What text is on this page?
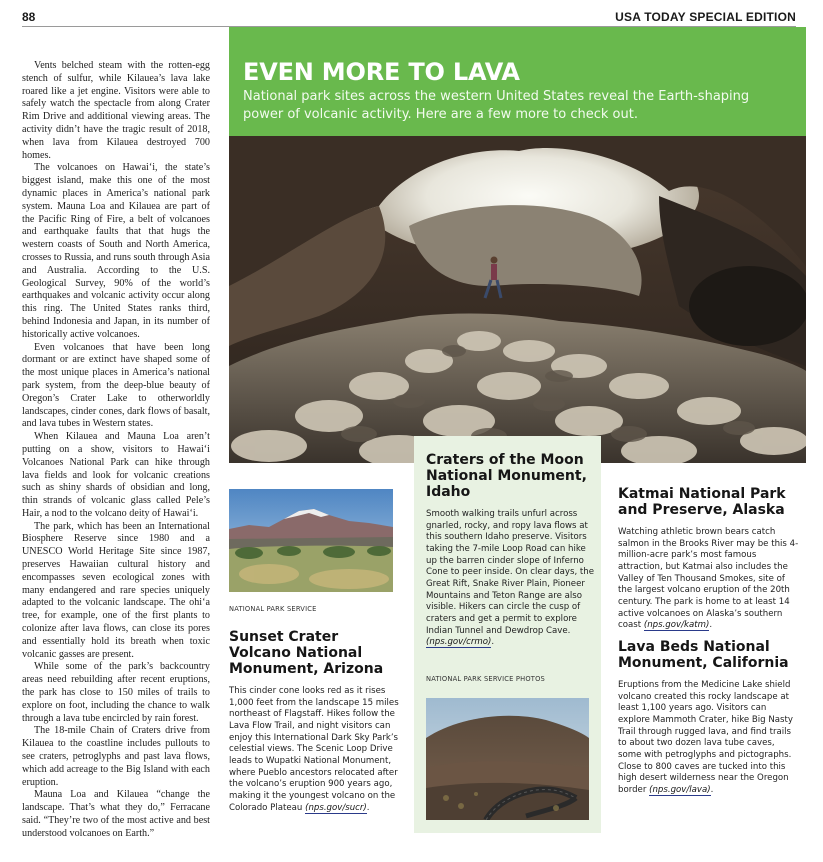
88	USA TODAY SPECIAL EDITION

Vents belched steam with the rotten-egg stench of sulfur, while Kilauea’s lava lake roared like a jet engine. Visitors were able to safely watch the spectacle from along Crater Rim Drive and additional viewing areas. The activity didn’t have the tragic result of 2018, when lava from Kilauea destroyed 700 homes.

The volcanoes on Hawai‘i, the state’s biggest island, make this one of the most dynamic places in America’s national park system. Mauna Loa and Kilauea are part of the Pacific Ring of Fire, a belt of volcanoes and earthquake faults that that hugs the western coasts of South and North America, crosses to Russia, and runs south through Asia and Australia. According to the U.S. Geological Survey, 90% of the world’s earthquakes and volcanic activity occur along this ring. The United States ranks third, behind Indonesia and Japan, in its number of historically active volcanoes.

Even volcanoes that have been long dormant or are extinct have shaped some of the most unique places in America’s national park system, from the deep-blue beauty of Oregon’s Crater Lake to otherworldly landscapes, cinder cones, dark flows of basalt, and lava tubes in Western states.

When Kilauea and Mauna Loa aren’t putting on a show, visitors to Hawai‘i Volcanoes National Park can hike through lava fields and look for volcanic creations such as shiny shards of obsidian and long, thin strands of volcanic glass called Pele’s Hair, a nod to the volcano deity of Hawai‘i.

The park, which has been an International Biosphere Reserve since 1980 and a UNESCO World Heritage Site since 1987, preserves Hawaiian cultural history and encompasses seven ecological zones with many endangered and rare species uniquely adapted to the volcanic landscape. The ohi‘a tree, for example, one of the first plants to colonize after lava flows, can close its pores and essentially hold its breath when toxic volcanic gasses are present.

While some of the park’s backcountry areas need rebuilding after recent eruptions, the park has close to 150 miles of trails to explore on foot, including the chance to walk through a lava tube encircled by rain forest.

The 18-mile Chain of Craters drive from Kilauea to the coastline includes pullouts to see craters, petroglyphs and past lava flows, which add acreage to the Big Island with each eruption.

Mauna Loa and Kilauea “change the landscape. That’s what they do,” Ferracane said. “They’re two of the most active and best understood volcanoes on Earth.”

EVEN MORE TO LAVA
National park sites across the western United States reveal the Earth-shaping power of volcanic activity. Here are a few more to check out.
Craters of the Moon National Monument, Idaho
Smooth walking trails unfurl across gnarled, rocky, and ropy lava flows at this southern Idaho preserve. Visitors taking the 7-mile Loop Road can hike up the barren cinder slope of Inferno Cone to peer inside. On clear days, the Great Rift, Snake River Plain, Pioneer Mountains and Teton Range are also visible. Hikers can circle the cusp of craters and get a permit to explore Indian Tunnel and Dewdrop Cave. (nps.gov/crmo).
NATIONAL PARK SERVICE
Sunset Crater Volcano National Monument, Arizona
This cinder cone looks red as it rises 1,000 feet from the landscape 15 miles northeast of Flagstaff. Hikes follow the Lava Flow Trail, and night visitors can enjoy this International Dark Sky Park’s celestial views. The Scenic Loop Drive leads to Wupatki National Monument, where Pueblo ancestors relocated after the volcano’s eruption 900 years ago, making it the youngest volcano on the Colorado Plateau (nps.gov/sucr).
NATIONAL PARK SERVICE PHOTOS
Katmai National Park and Preserve, Alaska
Watching athletic brown bears catch salmon in the Brooks River may be this 4-million-acre park’s most famous attraction, but Katmai also includes the Valley of Ten Thousand Smokes, site of the largest volcano eruption of the 20th century. The park is home to at least 14 active volcanoes on Alaska’s southern coast (nps.gov/katm).
Lava Beds National Monument, California
Eruptions from the Medicine Lake shield volcano created this rocky landscape at least 1,100 years ago. Visitors can explore Mammoth Crater, hike Big Nasty Trail through rugged lava, and find trails to about two dozen lava tube caves, some with petroglyphs and pictographs. Close to 800 caves are tucked into this high desert wilderness near the Oregon border (nps.gov/lava).
